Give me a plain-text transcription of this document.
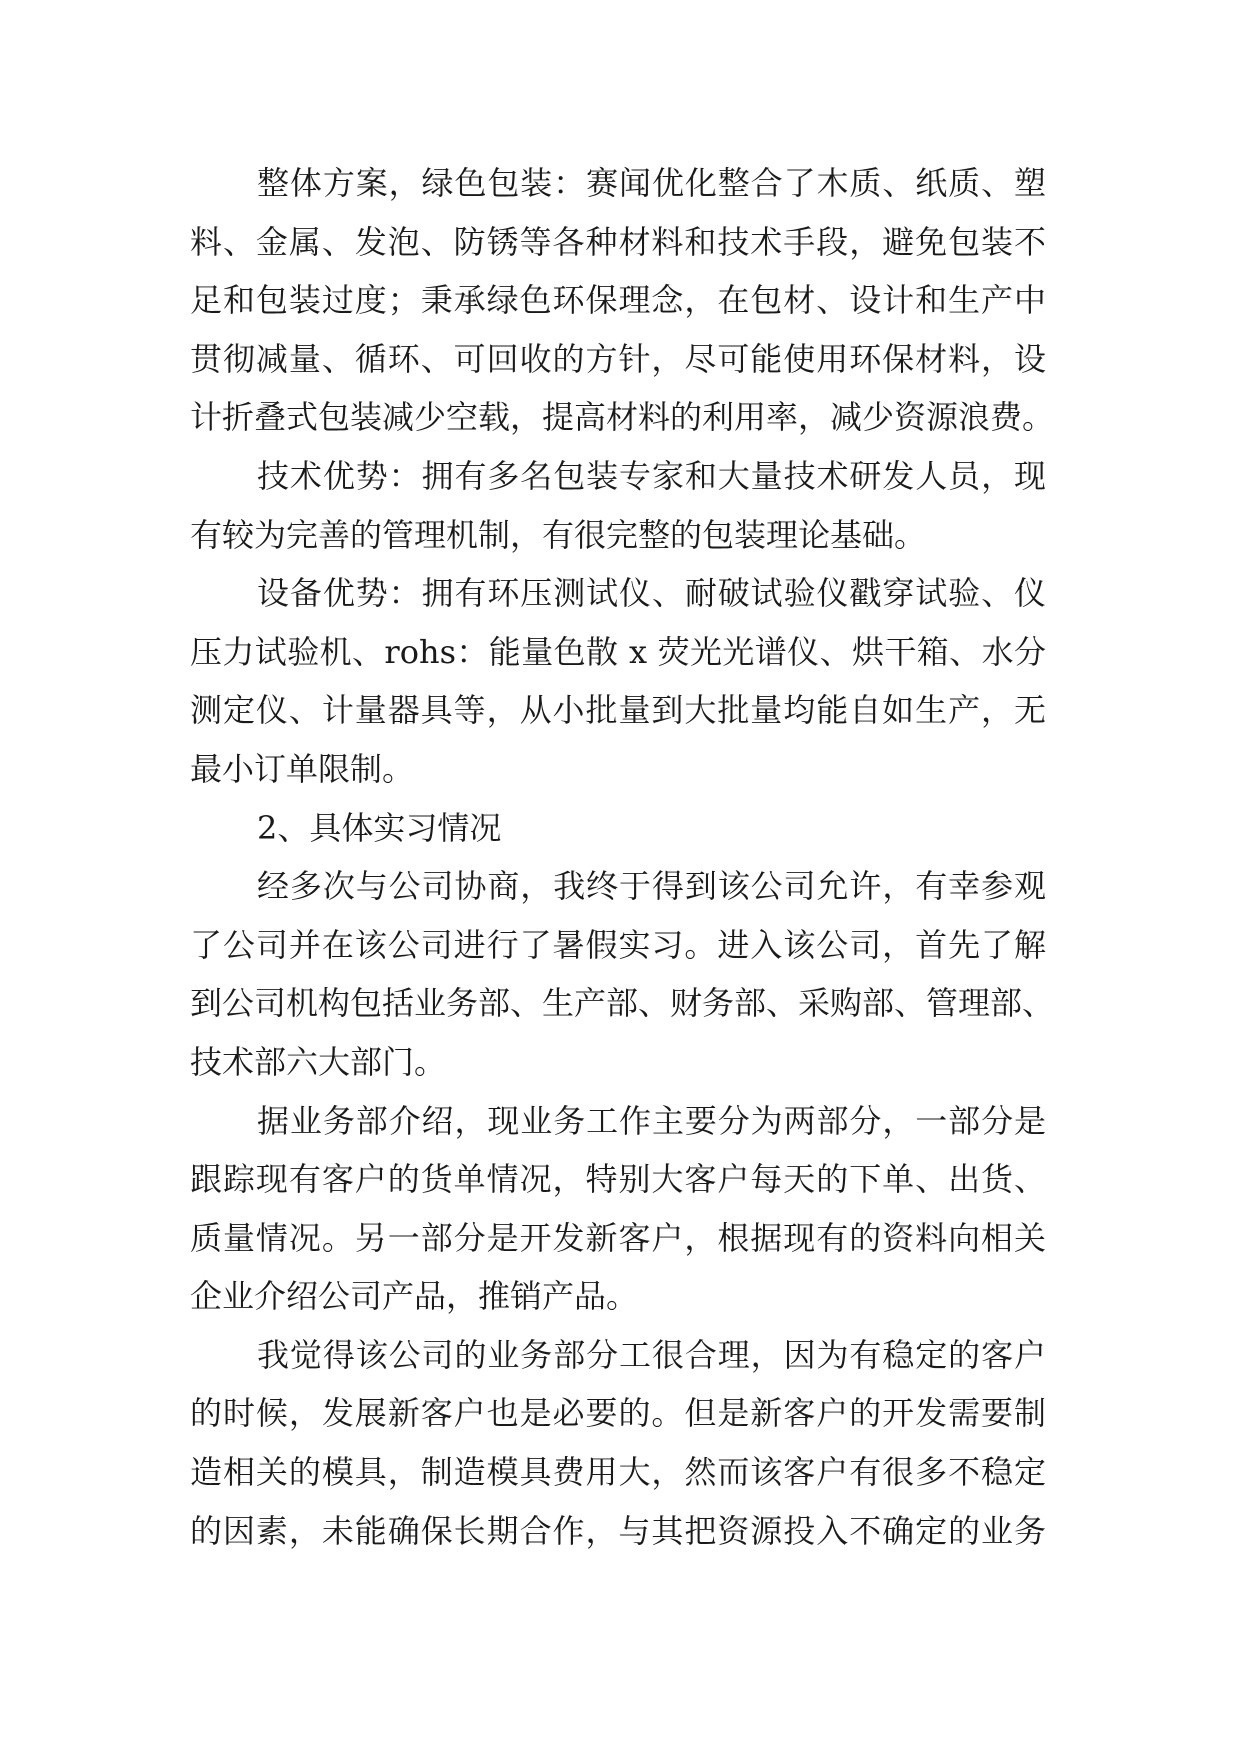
整体方案，绿色包装：赛闻优化整合了木质、纸质、塑
料、金属、发泡、防锈等各种材料和技术手段，避免包装不
足和包装过度；秉承绿色环保理念，在包材、设计和生产中
贯彻减量、循环、可回收的方针，尽可能使用环保材料，设
计折叠式包装减少空载，提高材料的利用率，减少资源浪费。
技术优势：拥有多名包装专家和大量技术研发人员，现
有较为完善的管理机制，有很完整的包装理论基础。
设备优势：拥有环压测试仪、耐破试验仪戳穿试验、仪
压力试验机、rohs：能量色散 x 荧光光谱仪、烘干箱、水分
测定仪、计量器具等，从小批量到大批量均能自如生产，无
最小订单限制。
2、具体实习情况
经多次与公司协商，我终于得到该公司允许，有幸参观
了公司并在该公司进行了暑假实习。进入该公司，首先了解
到公司机构包括业务部、生产部、财务部、采购部、管理部、
技术部六大部门。
据业务部介绍，现业务工作主要分为两部分，一部分是
跟踪现有客户的货单情况，特别大客户每天的下单、出货、
质量情况。另一部分是开发新客户，根据现有的资料向相关
企业介绍公司产品，推销产品。
我觉得该公司的业务部分工很合理，因为有稳定的客户
的时候，发展新客户也是必要的。但是新客户的开发需要制
造相关的模具，制造模具费用大，然而该客户有很多不稳定
的因素，未能确保长期合作，与其把资源投入不确定的业务
